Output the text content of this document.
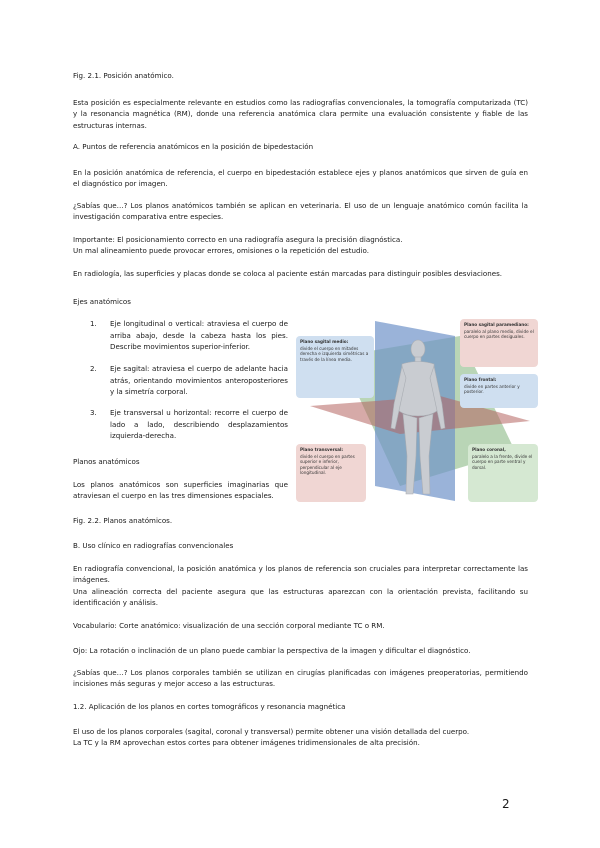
Fig. 2.1. Posición anatómico.

Esta posición es especialmente relevante en estudios como las radiografías convencionales, la tomografía computarizada (TC) y la resonancia magnética (RM), donde una referencia anatómica clara permite una evaluación consistente y fiable de las estructuras internas.

A. Puntos de referencia anatómicos en la posición de bipedestación

En la posición anatómica de referencia, el cuerpo en bipedestación establece ejes y planos anatómicos que sirven de guía en el diagnóstico por imagen.

¿Sabías que…? Los planos anatómicos también se aplican en veterinaria. El uso de un lenguaje anatómico común facilita la investigación comparativa entre especies.

Importante: El posicionamiento correcto en una radiografía asegura la precisión diagnóstica.

Un mal alineamiento puede provocar errores, omisiones o la repetición del estudio.

En radiología, las superficies y placas donde se coloca al paciente están marcadas para distinguir posibles desviaciones.

Ejes anatómicos

1.	Eje longitudinal o vertical: atraviesa el cuerpo de arriba abajo, desde la cabeza hasta los pies. Describe movimientos superior-inferior.
2.	Eje sagital: atraviesa el cuerpo de adelante hacia atrás, orientando movimientos anteroposteriores y la simetría corporal.
3.	Eje transversal u horizontal: recorre el cuerpo de lado a lado, describiendo desplazamientos izquierda-derecha.

Planos anatómicos

Los planos anatómicos son superficies imaginarias que atraviesan el cuerpo en las tres dimensiones espaciales.

Plano sagital medio:
divide el cuerpo en mitades derecha e izquierda simétricas a través de la línea media.
Plano sagital paramediano:
paralelo al plano medio, divide el cuerpo en partes desiguales.
Plano frontal:
divide en partes anterior y posterior.
Plano transversal:
divide el cuerpo en partes superior e inferior, perpendicular al eje longitudinal.
Plano coronal,
paralelo a la frente, divide el cuerpo en parte ventral y dorsal.

Fig. 2.2. Planos anatómicos.

B. Uso clínico en radiografías convencionales

En radiografía convencional, la posición anatómica y los planos de referencia son cruciales para interpretar correctamente las imágenes.

Una alineación correcta del paciente asegura que las estructuras aparezcan con la orientación prevista, facilitando su identificación y análisis.

Vocabulario: Corte anatómico: visualización de una sección corporal mediante TC o RM.

Ojo: La rotación o inclinación de un plano puede cambiar la perspectiva de la imagen y dificultar el diagnóstico.

¿Sabías que…? Los planos corporales también se utilizan en cirugías planificadas con imágenes preoperatorias, permitiendo incisiones más seguras y mejor acceso a las estructuras.

1.2. Aplicación de los planos en cortes tomográficos y resonancia magnética

El uso de los planos corporales (sagital, coronal y transversal) permite obtener una visión detallada del cuerpo.

La TC y la RM aprovechan estos cortes para obtener imágenes tridimensionales de alta precisión.

2
